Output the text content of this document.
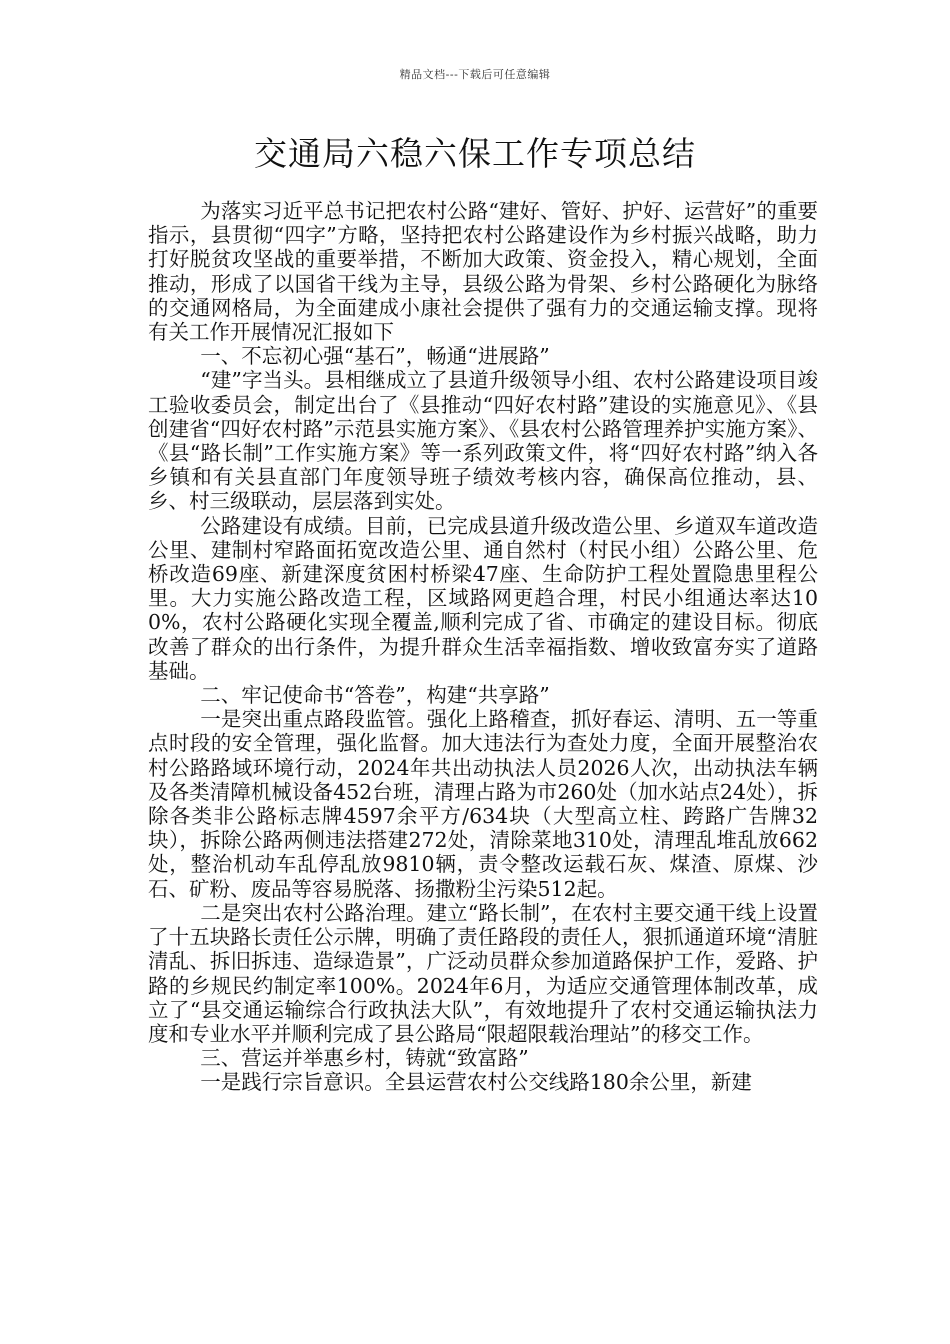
精品文档---下载后可任意编辑
交通局六稳六保工作专项总结

为落实习近平总书记把农村公路“建好、管好、护好、运营好”的重要指示，县贯彻“四字”方略，坚持把农村公路建设作为乡村振兴战略，助力打好脱贫攻坚战的重要举措，不断加大政策、资金投入，精心规划，全面推动，形成了以国省干线为主导，县级公路为骨架、乡村公路硬化为脉络的交通网格局，为全面建成小康社会提供了强有力的交通运输支撑。现将有关工作开展情况汇报如下

一、不忘初心强“基石”，畅通“进展路”

“建”字当头。县相继成立了县道升级领导小组、农村公路建设项目竣工验收委员会，制定出台了《县推动“四好农村路”建设的实施意见》、《县创建省“四好农村路”示范县实施方案》、《县农村公路管理养护实施方案》、《县“路长制”工作实施方案》等一系列政策文件，将“四好农村路”纳入各乡镇和有关县直部门年度领导班子绩效考核内容，确保高位推动，县、乡、村三级联动，层层落到实处。

公路建设有成绩。目前，已完成县道升级改造公里、乡道双车道改造公里、建制村窄路面拓宽改造公里、通自然村（村民小组）公路公里、危桥改造69座、新建深度贫困村桥梁47座、生命防护工程处置隐患里程公里。大力实施公路改造工程，区域路网更趋合理，村民小组通达率达100%，农村公路硬化实现全覆盖,顺利完成了省、市确定的建设目标。彻底改善了群众的出行条件，为提升群众生活幸福指数、增收致富夯实了道路基础。

二、牢记使命书“答卷”，构建“共享路”

一是突出重点路段监管。强化上路稽查，抓好春运、清明、五一等重点时段的安全管理，强化监督。加大违法行为查处力度，全面开展整治农村公路路域环境行动，2024年共出动执法人员2026人次，出动执法车辆及各类清障机械设备452台班，清理占路为市260处（加水站点24处），拆除各类非公路标志牌4597余平方/634块（大型高立柱、跨路广告牌32块），拆除公路两侧违法搭建272处，清除菜地310处，清理乱堆乱放662处，整治机动车乱停乱放9810辆，责令整改运载石灰、煤渣、原煤、沙石、矿粉、废品等容易脱落、扬撒粉尘污染512起。

二是突出农村公路治理。建立“路长制”，在农村主要交通干线上设置了十五块路长责任公示牌，明确了责任路段的责任人，狠抓通道环境“清脏清乱、拆旧拆违、造绿造景”，广泛动员群众参加道路保护工作，爱路、护路的乡规民约制定率100%。2024年6月，为适应交通管理体制改革，成立了“县交通运输综合行政执法大队”，有效地提升了农村交通运输执法力度和专业水平并顺利完成了县公路局“限超限载治理站”的移交工作。

三、营运并举惠乡村，铸就“致富路”

一是践行宗旨意识。全县运营农村公交线路180余公里，新建
